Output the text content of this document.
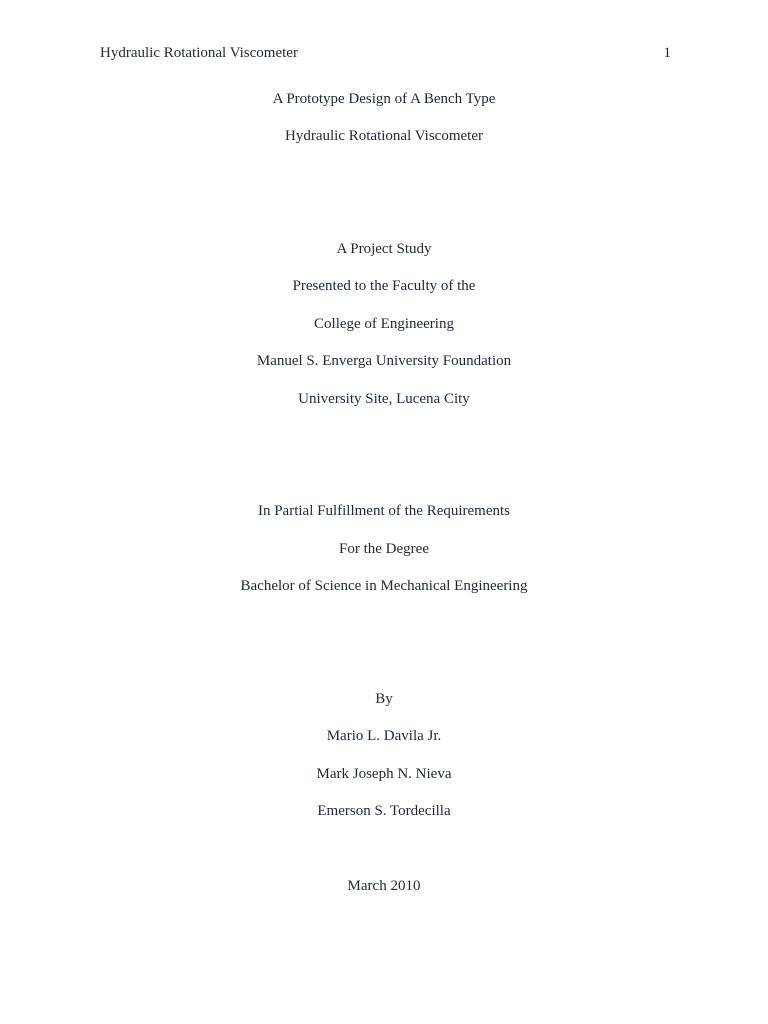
Hydraulic Rotational Viscometer	1
A Prototype Design of A Bench Type
Hydraulic Rotational Viscometer
A Project Study
Presented to the Faculty of the
College of Engineering
Manuel S. Enverga University Foundation
University Site, Lucena City
In Partial Fulfillment of the Requirements
For the Degree
Bachelor of Science in Mechanical Engineering
By
Mario L. Davila Jr.
Mark Joseph N. Nieva
Emerson S. Tordecilla
March 2010
